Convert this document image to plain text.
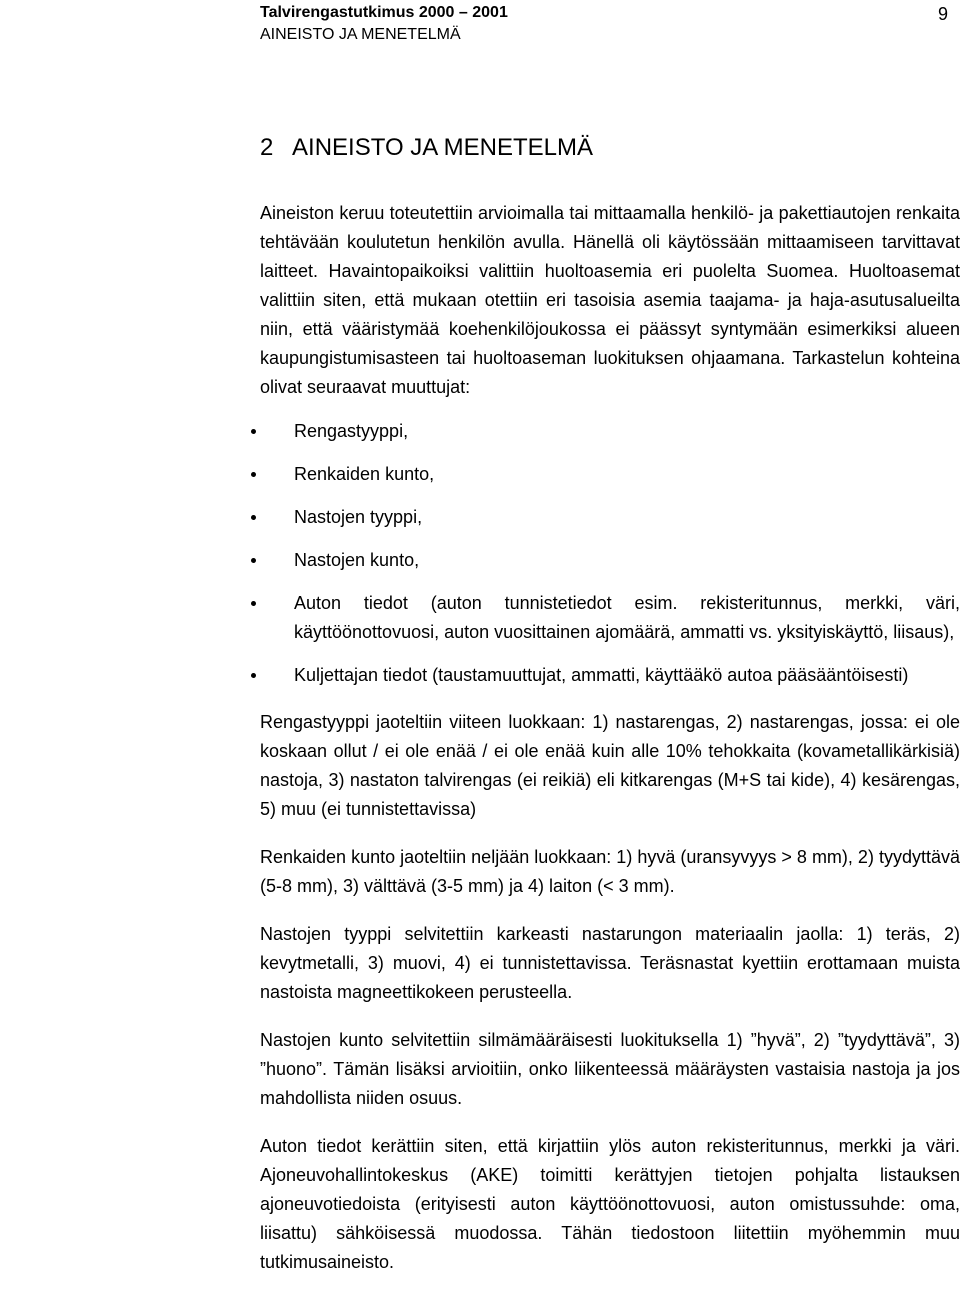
Talvirengastutkimus 2000 – 2001
AINEISTO JA MENETELMÄ
9
2   AINEISTO JA MENETELMÄ

Aineiston keruu toteutettiin arvioimalla tai mittaamalla henkilö- ja pakettiautojen renkaita tehtävään koulutetun henkilön avulla. Hänellä oli käytössään mittaamiseen tarvittavat laitteet. Havaintopaikoiksi valittiin huoltoasemia eri puolelta Suomea. Huoltoasemat valittiin siten, että mukaan otettiin eri tasoisia asemia taajama- ja haja-asutusalueilta niin, että vääristymää koehenkilöjoukossa ei päässyt syntymään esimerkiksi alueen kaupungistumisasteen tai huoltoaseman luokituksen ohjaamana. Tarkastelun kohteina olivat seuraavat muuttujat:

Rengastyyppi,
Renkaiden kunto,
Nastojen tyyppi,
Nastojen kunto,
Auton tiedot (auton tunnistetiedot esim. rekisteritunnus, merkki, väri, käyttöönottovuosi, auton vuosittainen ajomäärä, ammatti vs. yksityiskäyttö, liisaus),
Kuljettajan tiedot (taustamuuttujat, ammatti, käyttääkö autoa pääsääntöisesti)

Rengastyyppi jaoteltiin viiteen luokkaan: 1) nastarengas, 2) nastarengas, jossa: ei ole koskaan ollut / ei ole enää / ei ole enää kuin alle 10% tehokkaita (kovametallikärkisiä) nastoja, 3) nastaton talvirengas (ei reikiä) eli kitkarengas (M+S tai kide), 4) kesärengas, 5) muu (ei tunnistettavissa)

Renkaiden kunto jaoteltiin neljään luokkaan: 1) hyvä (uransyvyys > 8 mm), 2) tyydyttävä (5-8 mm), 3) välttävä (3-5 mm) ja 4) laiton (< 3 mm).

Nastojen tyyppi selvitettiin karkeasti nastarungon materiaalin jaolla: 1) teräs, 2) kevytmetalli, 3) muovi, 4) ei tunnistettavissa. Teräsnastat kyettiin erottamaan muista nastoista magneettikokeen perusteella.

Nastojen kunto selvitettiin silmämääräisesti luokituksella 1) ”hyvä”, 2) ”tyydyttävä”, 3) ”huono”. Tämän lisäksi arvioitiin, onko liikenteessä määräysten vastaisia nastoja ja jos mahdollista niiden osuus.

Auton tiedot kerättiin siten, että kirjattiin ylös auton rekisteritunnus, merkki ja väri. Ajoneuvohallintokeskus (AKE) toimitti kerättyjen tietojen pohjalta listauksen ajoneuvotiedoista (erityisesti auton käyttöönottovuosi, auton omistussuhde: oma, liisattu) sähköisessä muodossa. Tähän tiedostoon liitettiin myöhemmin muu tutkimusaineisto.
